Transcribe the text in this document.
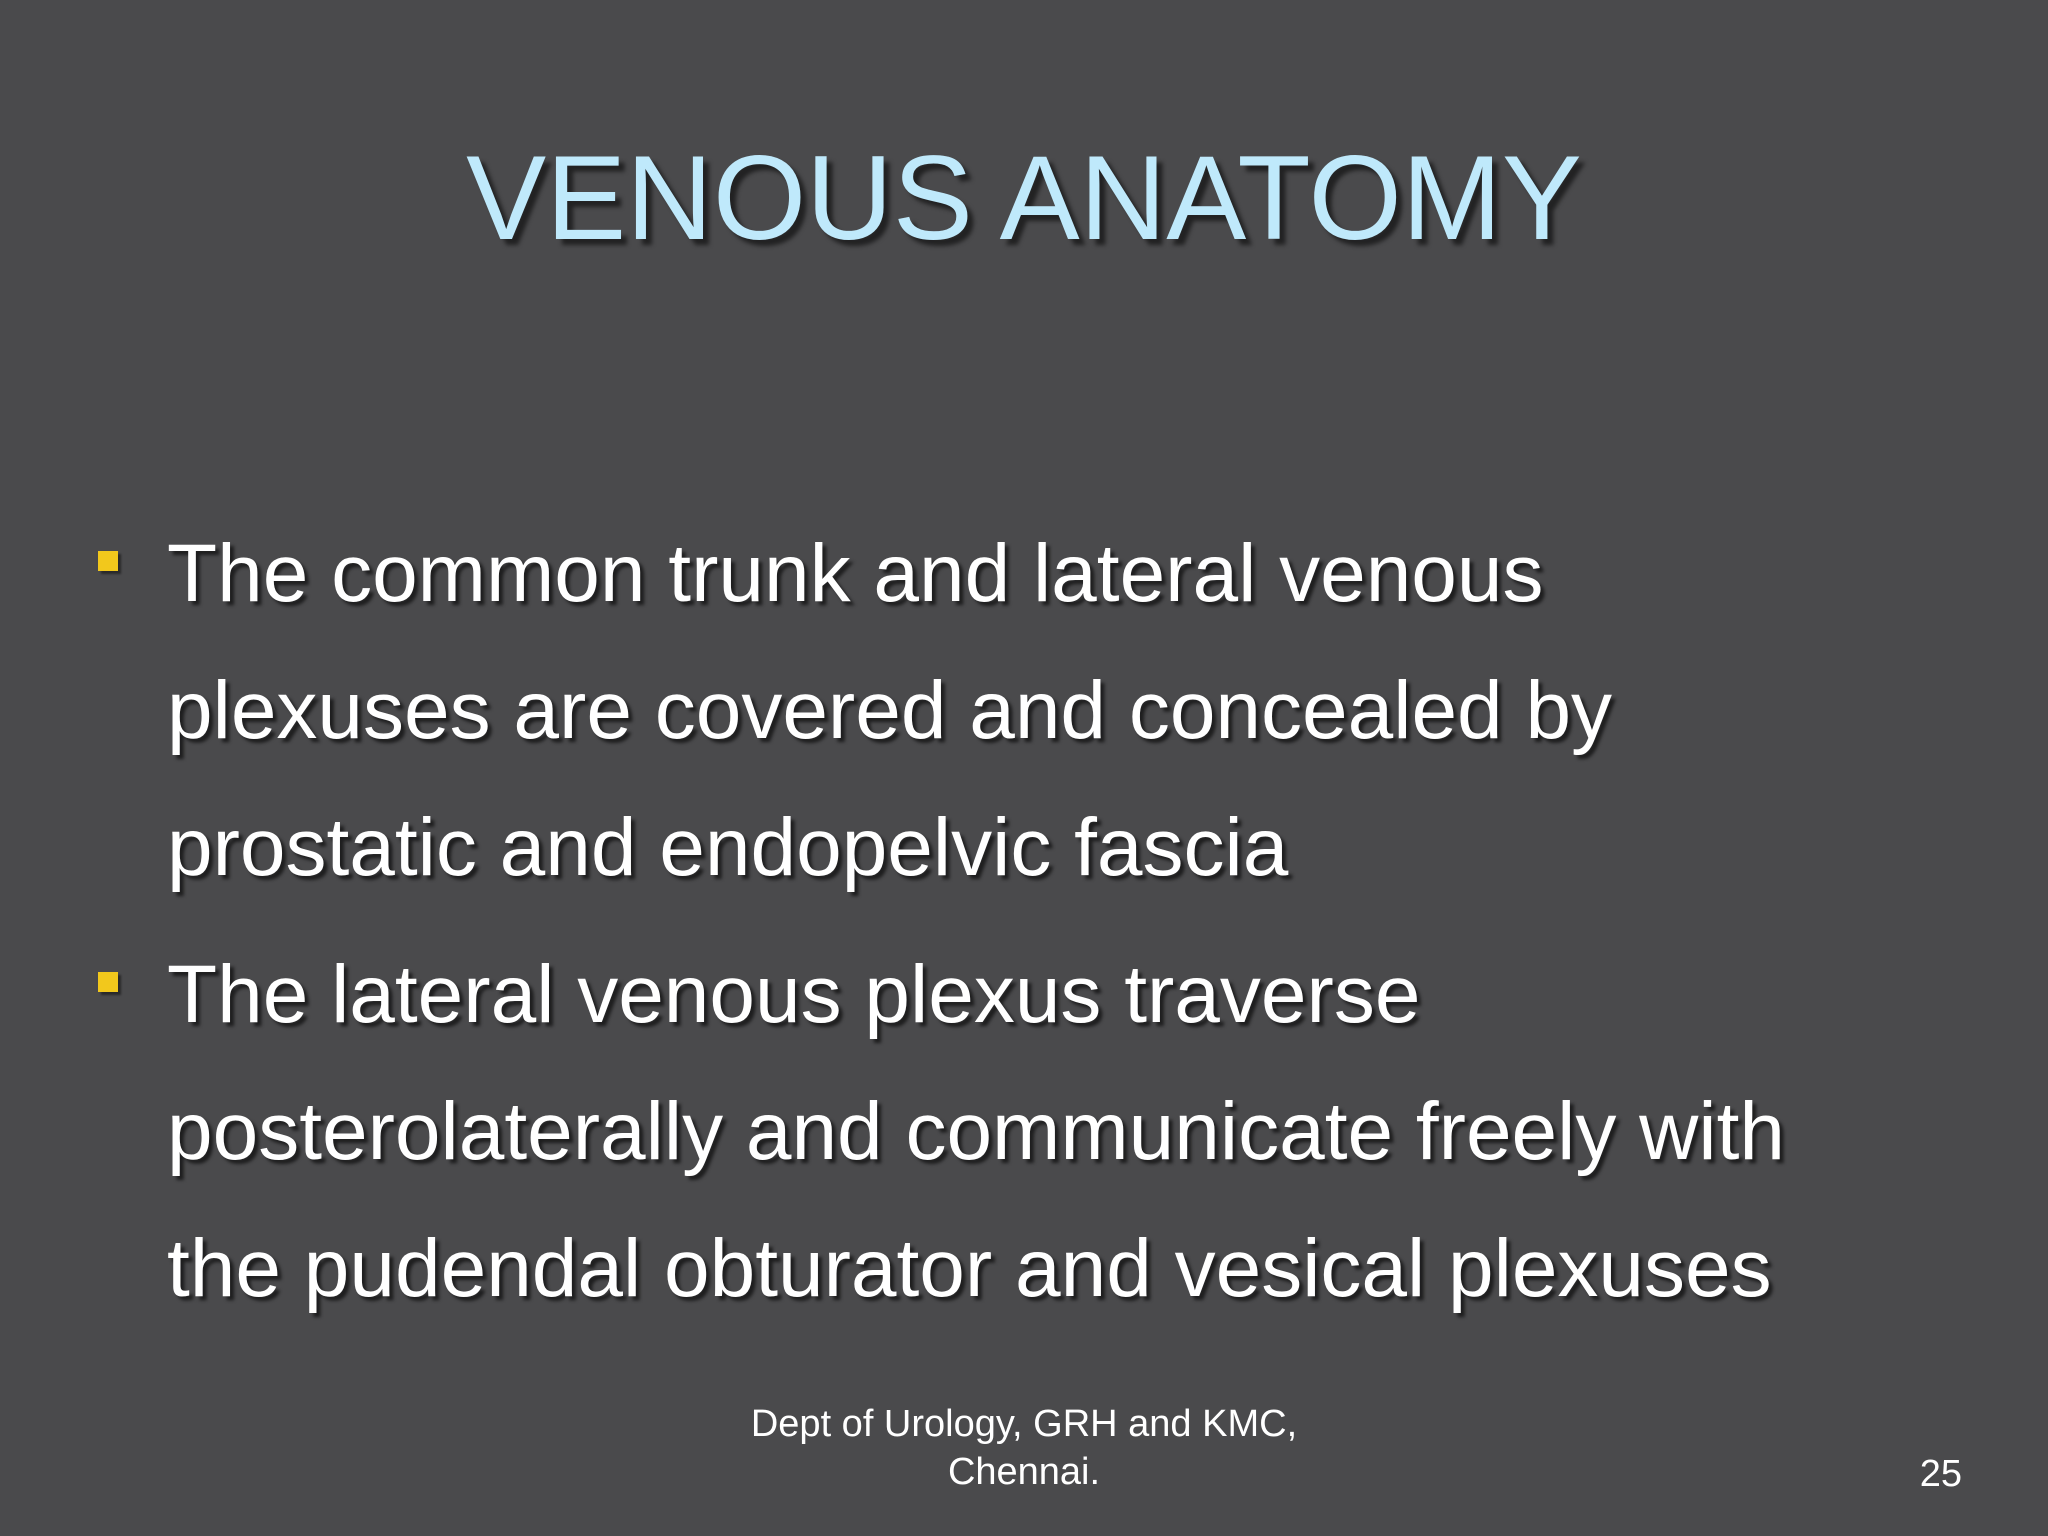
VENOUS ANATOMY
The common trunk and lateral venous
plexuses are covered and concealed by
prostatic and endopelvic fascia
The lateral venous plexus traverse
posterolaterally and communicate freely with
the pudendal obturator and vesical plexuses
Dept of Urology, GRH and KMC,
Chennai.	25
